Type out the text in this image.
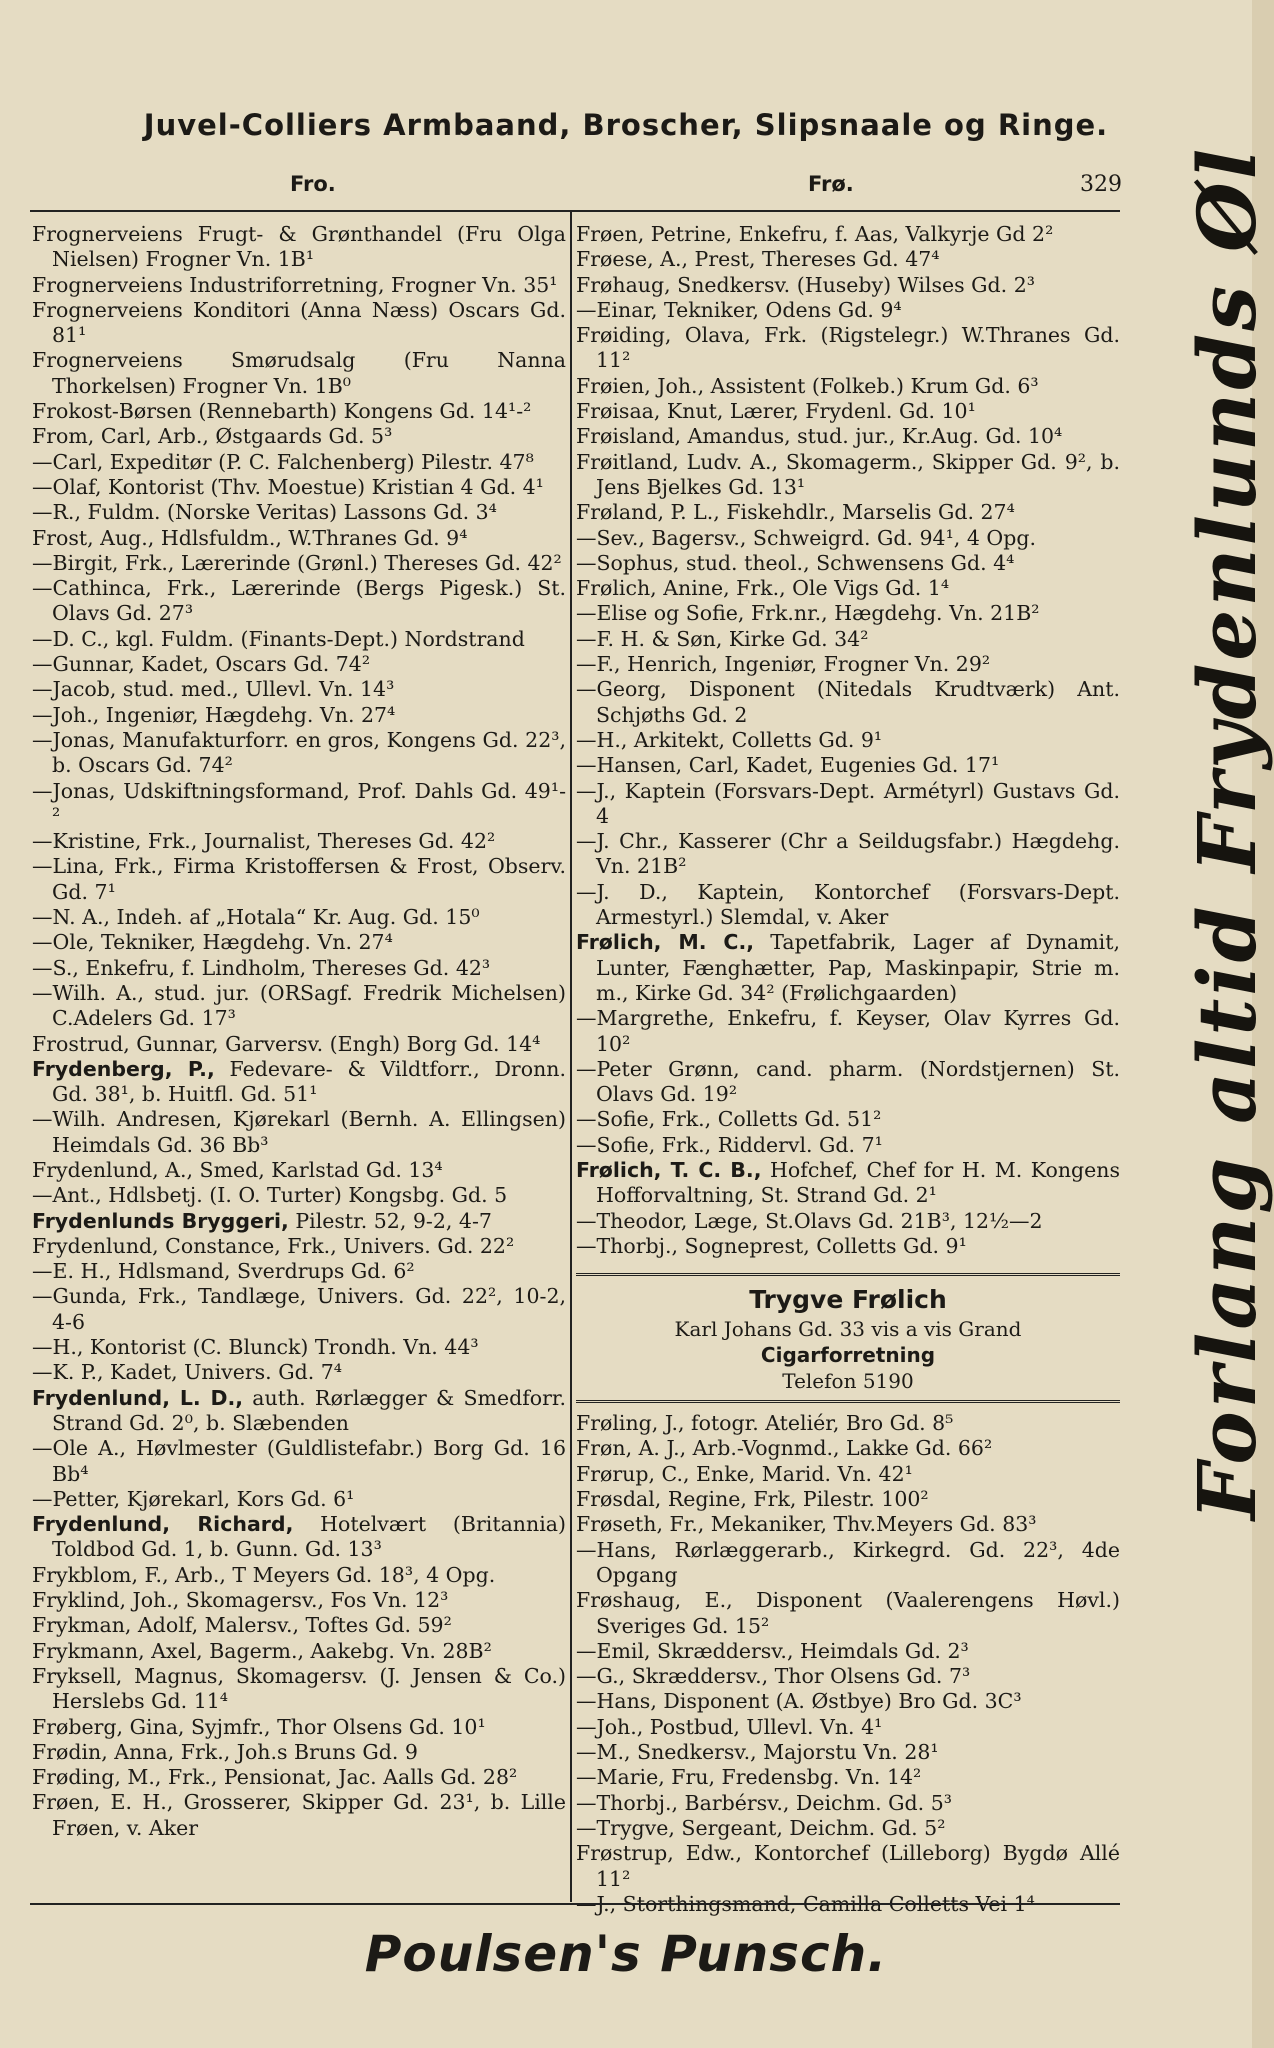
Juvel-Colliers Armbaand, Broscher, Slipsnaale og Ringe.
Fro.	Frø.	329

Frognerveiens Frugt- & Grønthandel (Fru Olga Nielsen) Frogner Vn. 1B¹

Frognerveiens Industriforretning, Frogner Vn. 35¹

Frognerveiens Konditori (Anna Næss) Oscars Gd. 81¹

Frognerveiens Smørudsalg (Fru Nanna Thorkelsen) Frogner Vn. 1B⁰

Frokost-Børsen (Rennebarth) Kongens Gd. 14¹-²

From, Carl, Arb., Østgaards Gd. 5³

—Carl, Expeditør (P. C. Falchenberg) Pilestr. 47⁸

—Olaf, Kontorist (Thv. Moestue) Kristian 4 Gd. 4¹

—R., Fuldm. (Norske Veritas) Lassons Gd. 3⁴

Frost, Aug., Hdlsfuldm., W.Thranes Gd. 9⁴

—Birgit, Frk., Lærerinde (Grønl.) Thereses Gd. 42²

—Cathinca, Frk., Lærerinde (Bergs Pigesk.) St. Olavs Gd. 27³

—D. C., kgl. Fuldm. (Finants-Dept.) Nordstrand

—Gunnar, Kadet, Oscars Gd. 74²

—Jacob, stud. med., Ullevl. Vn. 14³

—Joh., Ingeniør, Hægdehg. Vn. 27⁴

—Jonas, Manufakturforr. en gros, Kongens Gd. 22³, b. Oscars Gd. 74²

—Jonas, Udskiftningsformand, Prof. Dahls Gd. 49¹-²

—Kristine, Frk., Journalist, Thereses Gd. 42²

—Lina, Frk., Firma Kristoffersen & Frost, Observ. Gd. 7¹

—N. A., Indeh. af „Hotala“ Kr. Aug. Gd. 15⁰

—Ole, Tekniker, Hægdehg. Vn. 27⁴

—S., Enkefru, f. Lindholm, Thereses Gd. 42³

—Wilh. A., stud. jur. (ORSagf. Fredrik Michelsen) C.Adelers Gd. 17³

Frostrud, Gunnar, Garversv. (Engh) Borg Gd. 14⁴

Frydenberg, P., Fedevare- & Vildtforr., Dronn. Gd. 38¹, b. Huitfl. Gd. 51¹

—Wilh. Andresen, Kjørekarl (Bernh. A. Ellingsen) Heimdals Gd. 36 Bb³

Frydenlund, A., Smed, Karlstad Gd. 13⁴

—Ant., Hdlsbetj. (I. O. Turter) Kongsbg. Gd. 5

Frydenlunds Bryggeri, Pilestr. 52, 9-2, 4-7

Frydenlund, Constance, Frk., Univers. Gd. 22²

—E. H., Hdlsmand, Sverdrups Gd. 6²

—Gunda, Frk., Tandlæge, Univers. Gd. 22², 10-2, 4-6

—H., Kontorist (C. Blunck) Trondh. Vn. 44³

—K. P., Kadet, Univers. Gd. 7⁴

Frydenlund, L. D., auth. Rørlægger & Smedforr. Strand Gd. 2⁰, b. Slæbenden

—Ole A., Høvlmester (Guldlistefabr.) Borg Gd. 16 Bb⁴

—Petter, Kjørekarl, Kors Gd. 6¹

Frydenlund, Richard, Hotelvært (Britannia) Toldbod Gd. 1, b. Gunn. Gd. 13³

Frykblom, F., Arb., T Meyers Gd. 18³, 4 Opg.

Fryklind, Joh., Skomagersv., Fos Vn. 12³

Frykman, Adolf, Malersv., Toftes Gd. 59²

Frykmann, Axel, Bagerm., Aakebg. Vn. 28B²

Fryksell, Magnus, Skomagersv. (J. Jensen & Co.) Herslebs Gd. 11⁴

Frøberg, Gina, Syjmfr., Thor Olsens Gd. 10¹

Frødin, Anna, Frk., Joh.s Bruns Gd. 9

Frøding, M., Frk., Pensionat, Jac. Aalls Gd. 28²

Frøen, E. H., Grosserer, Skipper Gd. 23¹, b. Lille Frøen, v. Aker

Frøen, Petrine, Enkefru, f. Aas, Valkyrje Gd 2²

Frøese, A., Prest, Thereses Gd. 47⁴

Frøhaug, Snedkersv. (Huseby) Wilses Gd. 2³

—Einar, Tekniker, Odens Gd. 9⁴

Frøiding, Olava, Frk. (Rigstelegr.) W.Thranes Gd. 11²

Frøien, Joh., Assistent (Folkeb.) Krum Gd. 6³

Frøisaa, Knut, Lærer, Frydenl. Gd. 10¹

Frøisland, Amandus, stud. jur., Kr.Aug. Gd. 10⁴

Frøitland, Ludv. A., Skomagerm., Skipper Gd. 9², b. Jens Bjelkes Gd. 13¹

Frøland, P. L., Fiskehdlr., Marselis Gd. 27⁴

—Sev., Bagersv., Schweigrd. Gd. 94¹, 4 Opg.

—Sophus, stud. theol., Schwensens Gd. 4⁴

Frølich, Anine, Frk., Ole Vigs Gd. 1⁴

—Elise og Sofie, Frk.nr., Hægdehg. Vn. 21B²

—F. H. & Søn, Kirke Gd. 34²

—F., Henrich, Ingeniør, Frogner Vn. 29²

—Georg, Disponent (Nitedals Krudtværk) Ant. Schjøths Gd. 2

—H., Arkitekt, Colletts Gd. 9¹

—Hansen, Carl, Kadet, Eugenies Gd. 17¹

—J., Kaptein (Forsvars-Dept. Armétyrl) Gustavs Gd. 4

—J. Chr., Kasserer (Chr a Seildugsfabr.) Hægdehg. Vn. 21B²

—J. D., Kaptein, Kontorchef (Forsvars-Dept. Armestyrl.) Slemdal, v. Aker

Frølich, M. C., Tapetfabrik, Lager af Dynamit, Lunter, Fænghætter, Pap, Maskinpapir, Strie m. m., Kirke Gd. 34² (Frølichgaarden)

—Margrethe, Enkefru, f. Keyser, Olav Kyrres Gd. 10²

—Peter Grønn, cand. pharm. (Nordstjernen) St. Olavs Gd. 19²

—Sofie, Frk., Colletts Gd. 51²

—Sofie, Frk., Riddervl. Gd. 7¹

Frølich, T. C. B., Hofchef, Chef for H. M. Kongens Hofforvaltning, St. Strand Gd. 2¹

—Theodor, Læge, St.Olavs Gd. 21B³, 12½—2

—Thorbj., Sogneprest, Colletts Gd. 9¹

Trygve Frølich
Karl Johans Gd. 33 vis a vis Grand
Cigarforretning
Telefon 5190

Frøling, J., fotogr. Ateliér, Bro Gd. 8⁵

Frøn, A. J., Arb.-Vognmd., Lakke Gd. 66²

Frørup, C., Enke, Marid. Vn. 42¹

Frøsdal, Regine, Frk, Pilestr. 100²

Frøseth, Fr., Mekaniker, Thv.Meyers Gd. 83³

—Hans, Rørlæggerarb., Kirkegrd. Gd. 22³, 4de Opgang

Frøshaug, E., Disponent (Vaalerengens Høvl.) Sveriges Gd. 15²

—Emil, Skræddersv., Heimdals Gd. 2³

—G., Skræddersv., Thor Olsens Gd. 7³

—Hans, Disponent (A. Østbye) Bro Gd. 3C³

—Joh., Postbud, Ullevl. Vn. 4¹

—M., Snedkersv., Majorstu Vn. 28¹

—Marie, Fru, Fredensbg. Vn. 14²

—Thorbj., Barbérsv., Deichm. Gd. 5³

—Trygve, Sergeant, Deichm. Gd. 5²

Frøstrup, Edw., Kontorchef (Lilleborg) Bygdø Allé 11²

—J., Storthingsmand, Camilla Colletts Vei 1⁴

Forlang altid Frydenlunds Øl
Poulsen's Punsch.
